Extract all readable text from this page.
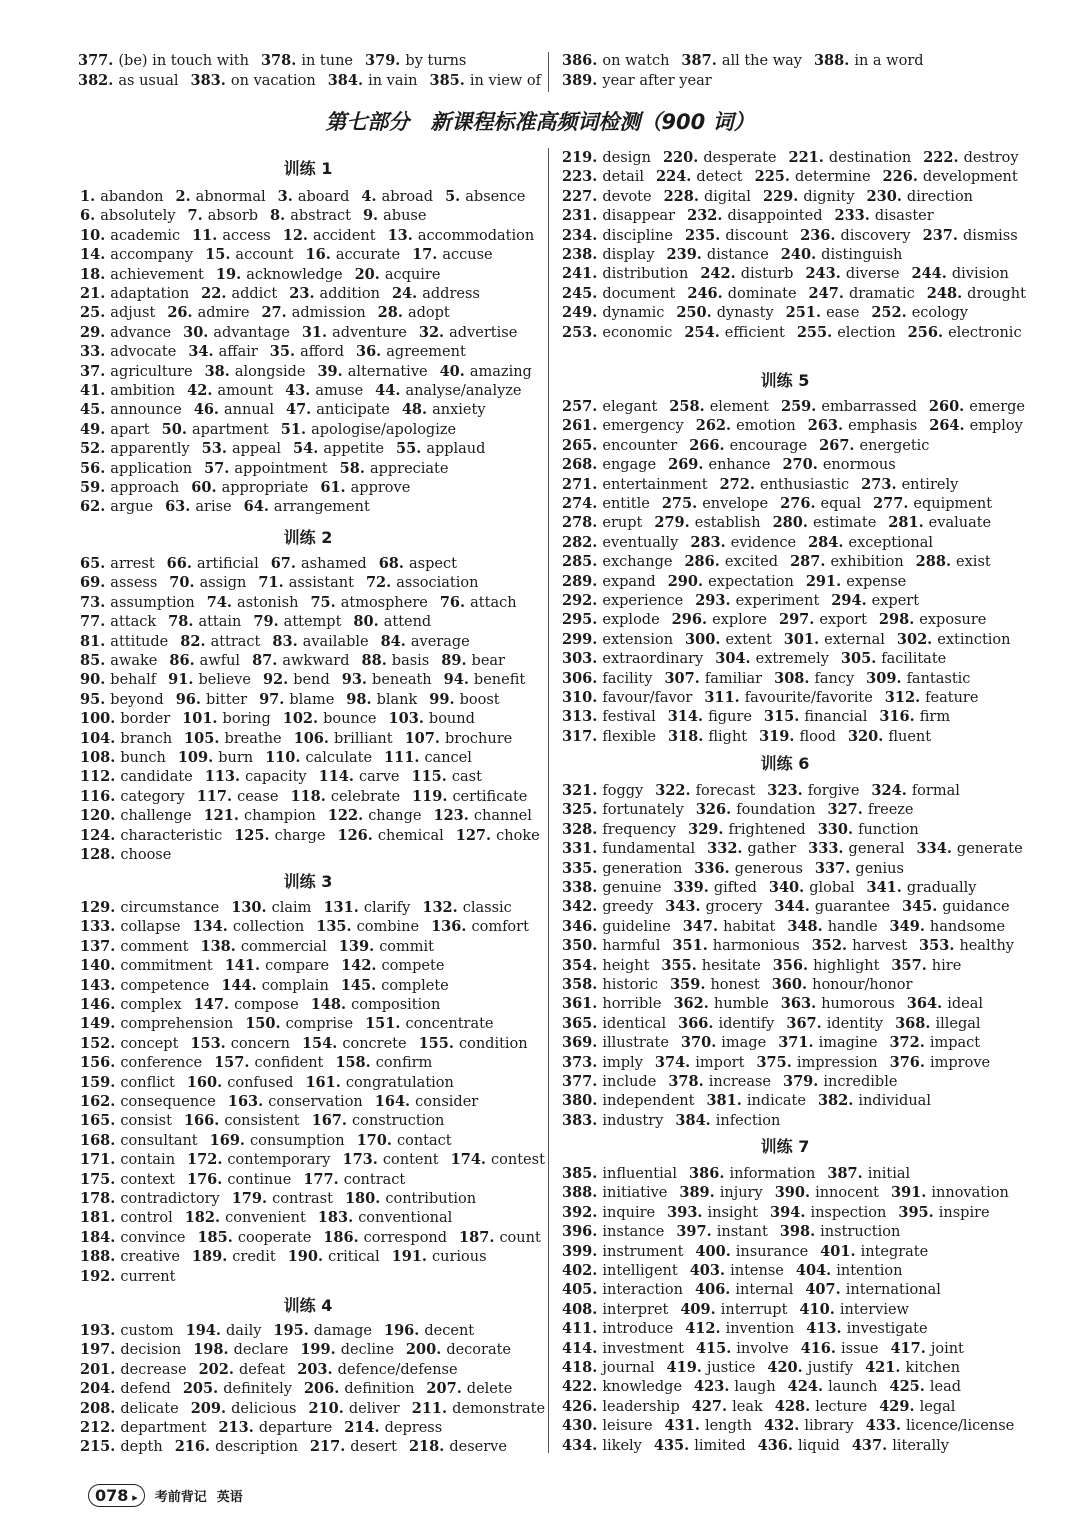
377 . (be) in touch with 378 . in tune 379 . by turns
382 . as usual 383 . on vacation 384 . in vain 385 . in view of
386 . on watch 387 . all the way 388 . in a word
389 . year after year
第七部分　新课程标准高频词检测（900 词）
训练 1
训练 2
训练 3
训练 4
训练 5
训练 6
训练 7
1 . abandon 2 . abnormal 3 . aboard 4 . abroad 5 . absence
6 . absolutely 7 . absorb 8 . abstract 9 . abuse
10 . academic 11 . access 12 . accident 13 . accommodation
14 . accompany 15 . account 16 . accurate 17 . accuse
18 . achievement 19 . acknowledge 20 . acquire
21 . adaptation 22 . addict 23 . addition 24 . address
25 . adjust 26 . admire 27 . admission 28 . adopt
29 . advance 30 . advantage 31 . adventure 32 . advertise
33 . advocate 34 . affair 35 . afford 36 . agreement
37 . agriculture 38 . alongside 39 . alternative 40 . amazing
41 . ambition 42 . amount 43 . amuse 44 . analyse/analyze
45 . announce 46 . annual 47 . anticipate 48 . anxiety
49 . apart 50 . apartment 51 . apologise/apologize
52 . apparently 53 . appeal 54 . appetite 55 . applaud
56 . application 57 . appointment 58 . appreciate
59 . approach 60 . appropriate 61 . approve
62 . argue 63 . arise 64 . arrangement
65 . arrest 66 . artificial 67 . ashamed 68 . aspect
69 . assess 70 . assign 71 . assistant 72 . association
73 . assumption 74 . astonish 75 . atmosphere 76 . attach
77 . attack 78 . attain 79 . attempt 80 . attend
81 . attitude 82 . attract 83 . available 84 . average
85 . awake 86 . awful 87 . awkward 88 . basis 89 . bear
90 . behalf 91 . believe 92 . bend 93 . beneath 94 . benefit
95 . beyond 96 . bitter 97 . blame 98 . blank 99 . boost
100 . border 101 . boring 102 . bounce 103 . bound
104 . branch 105 . breathe 106 . brilliant 107 . brochure
108 . bunch 109 . burn 110 . calculate 111 . cancel
112 . candidate 113 . capacity 114 . carve 115 . cast
116 . category 117 . cease 118 . celebrate 119 . certificate
120 . challenge 121 . champion 122 . change 123 . channel
124 . characteristic 125 . charge 126 . chemical 127 . choke
128 . choose
129 . circumstance 130 . claim 131 . clarify 132 . classic
133 . collapse 134 . collection 135 . combine 136 . comfort
137 . comment 138 . commercial 139 . commit
140 . commitment 141 . compare 142 . compete
143 . competence 144 . complain 145 . complete
146 . complex 147 . compose 148 . composition
149 . comprehension 150 . comprise 151 . concentrate
152 . concept 153 . concern 154 . concrete 155 . condition
156 . conference 157 . confident 158 . confirm
159 . conflict 160 . confused 161 . congratulation
162 . consequence 163 . conservation 164 . consider
165 . consist 166 . consistent 167 . construction
168 . consultant 169 . consumption 170 . contact
171 . contain 172 . contemporary 173 . content 174 . contest
175 . context 176 . continue 177 . contract
178 . contradictory 179 . contrast 180 . contribution
181 . control 182 . convenient 183 . conventional
184 . convince 185 . cooperate 186 . correspond 187 . count
188 . creative 189 . credit 190 . critical 191 . curious
192 . current
193 . custom 194 . daily 195 . damage 196 . decent
197 . decision 198 . declare 199 . decline 200 . decorate
201 . decrease 202 . defeat 203 . defence/defense
204 . defend 205 . definitely 206 . definition 207 . delete
208 . delicate 209 . delicious 210 . deliver 211 . demonstrate
212 . department 213 . departure 214 . depress
215 . depth 216 . description 217 . desert 218 . deserve
219 . design 220 . desperate 221 . destination 222 . destroy
223 . detail 224 . detect 225 . determine 226 . development
227 . devote 228 . digital 229 . dignity 230 . direction
231 . disappear 232 . disappointed 233 . disaster
234 . discipline 235 . discount 236 . discovery 237 . dismiss
238 . display 239 . distance 240 . distinguish
241 . distribution 242 . disturb 243 . diverse 244 . division
245 . document 246 . dominate 247 . dramatic 248 . drought
249 . dynamic 250 . dynasty 251 . ease 252 . ecology
253 . economic 254 . efficient 255 . election 256 . electronic
257 . elegant 258 . element 259 . embarrassed 260 . emerge
261 . emergency 262 . emotion 263 . emphasis 264 . employ
265 . encounter 266 . encourage 267 . energetic
268 . engage 269 . enhance 270 . enormous
271 . entertainment 272 . enthusiastic 273 . entirely
274 . entitle 275 . envelope 276 . equal 277 . equipment
278 . erupt 279 . establish 280 . estimate 281 . evaluate
282 . eventually 283 . evidence 284 . exceptional
285 . exchange 286 . excited 287 . exhibition 288 . exist
289 . expand 290 . expectation 291 . expense
292 . experience 293 . experiment 294 . expert
295 . explode 296 . explore 297 . export 298 . exposure
299 . extension 300 . extent 301 . external 302 . extinction
303 . extraordinary 304 . extremely 305 . facilitate
306 . facility 307 . familiar 308 . fancy 309 . fantastic
310 . favour/favor 311 . favourite/favorite 312 . feature
313 . festival 314 . figure 315 . financial 316 . firm
317 . flexible 318 . flight 319 . flood 320 . fluent
321 . foggy 322 . forecast 323 . forgive 324 . formal
325 . fortunately 326 . foundation 327 . freeze
328 . frequency 329 . frightened 330 . function
331 . fundamental 332 . gather 333 . general 334 . generate
335 . generation 336 . generous 337 . genius
338 . genuine 339 . gifted 340 . global 341 . gradually
342 . greedy 343 . grocery 344 . guarantee 345 . guidance
346 . guideline 347 . habitat 348 . handle 349 . handsome
350 . harmful 351 . harmonious 352 . harvest 353 . healthy
354 . height 355 . hesitate 356 . highlight 357 . hire
358 . historic 359 . honest 360 . honour/honor
361 . horrible 362 . humble 363 . humorous 364 . ideal
365 . identical 366 . identify 367 . identity 368 . illegal
369 . illustrate 370 . image 371 . imagine 372 . impact
373 . imply 374 . import 375 . impression 376 . improve
377 . include 378 . increase 379 . incredible
380 . independent 381 . indicate 382 . individual
383 . industry 384 . infection
385 . influential 386 . information 387 . initial
388 . initiative 389 . injury 390 . innocent 391 . innovation
392 . inquire 393 . insight 394 . inspection 395 . inspire
396 . instance 397 . instant 398 . instruction
399 . instrument 400 . insurance 401 . integrate
402 . intelligent 403 . intense 404 . intention
405 . interaction 406 . internal 407 . international
408 . interpret 409 . interrupt 410 . interview
411 . introduce 412 . invention 413 . investigate
414 . investment 415 . involve 416 . issue 417 . joint
418 . journal 419 . justice 420 . justify 421 . kitchen
422 . knowledge 423 . laugh 424 . launch 425 . lead
426 . leadership 427 . leak 428 . lecture 429 . legal
430 . leisure 431 . length 432 . library 433 . licence/license
434 . likely 435 . limited 436 . liquid 437 . literally
078 ▸	考前背记 英语
